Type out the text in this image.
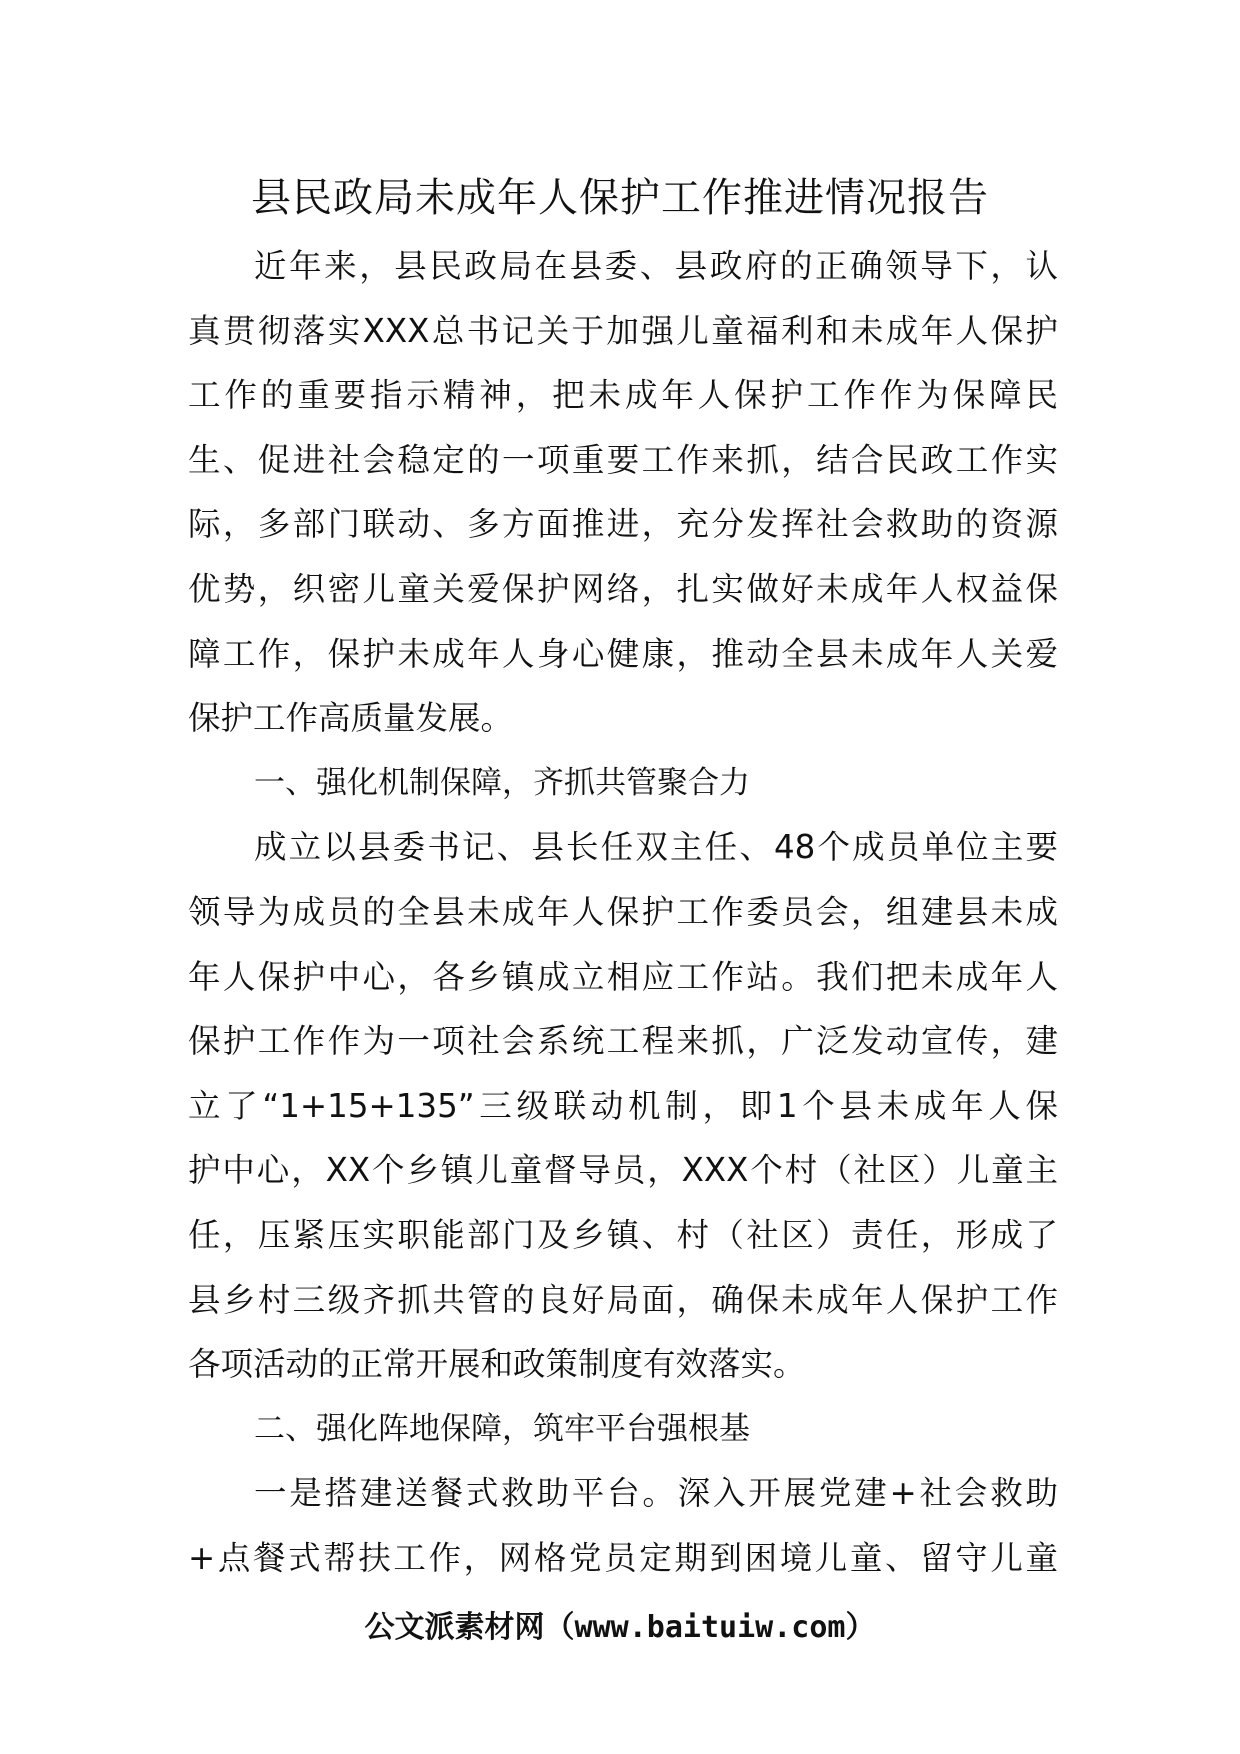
县民政局未成年人保护工作推进情况报告
近年来，县民政局在县委、县政府的正确领导下，认
真贯彻落实XXX总书记关于加强儿童福利和未成年人保护
工作的重要指示精神，把未成年人保护工作作为保障民
生、促进社会稳定的一项重要工作来抓，结合民政工作实
际，多部门联动、多方面推进，充分发挥社会救助的资源
优势，织密儿童关爱保护网络，扎实做好未成年人权益保
障工作，保护未成年人身心健康，推动全县未成年人关爱
保护工作高质量发展。
一、强化机制保障，齐抓共管聚合力
成立以县委书记、县长任双主任、48个成员单位主要
领导为成员的全县未成年人保护工作委员会，组建县未成
年人保护中心，各乡镇成立相应工作站。我们把未成年人
保护工作作为一项社会系统工程来抓，广泛发动宣传，建
立了“1+15+135”三级联动机制，即1个县未成年人保
护中心，XX个乡镇儿童督导员，XXX个村（社区）儿童主
任，压紧压实职能部门及乡镇、村（社区）责任，形成了
县乡村三级齐抓共管的良好局面，确保未成年人保护工作
各项活动的正常开展和政策制度有效落实。
二、强化阵地保障，筑牢平台强根基
一是搭建送餐式救助平台。深入开展党建+社会救助
+点餐式帮扶工作，网格党员定期到困境儿童、留守儿童
公文派素材网（www.baituiw.com）
